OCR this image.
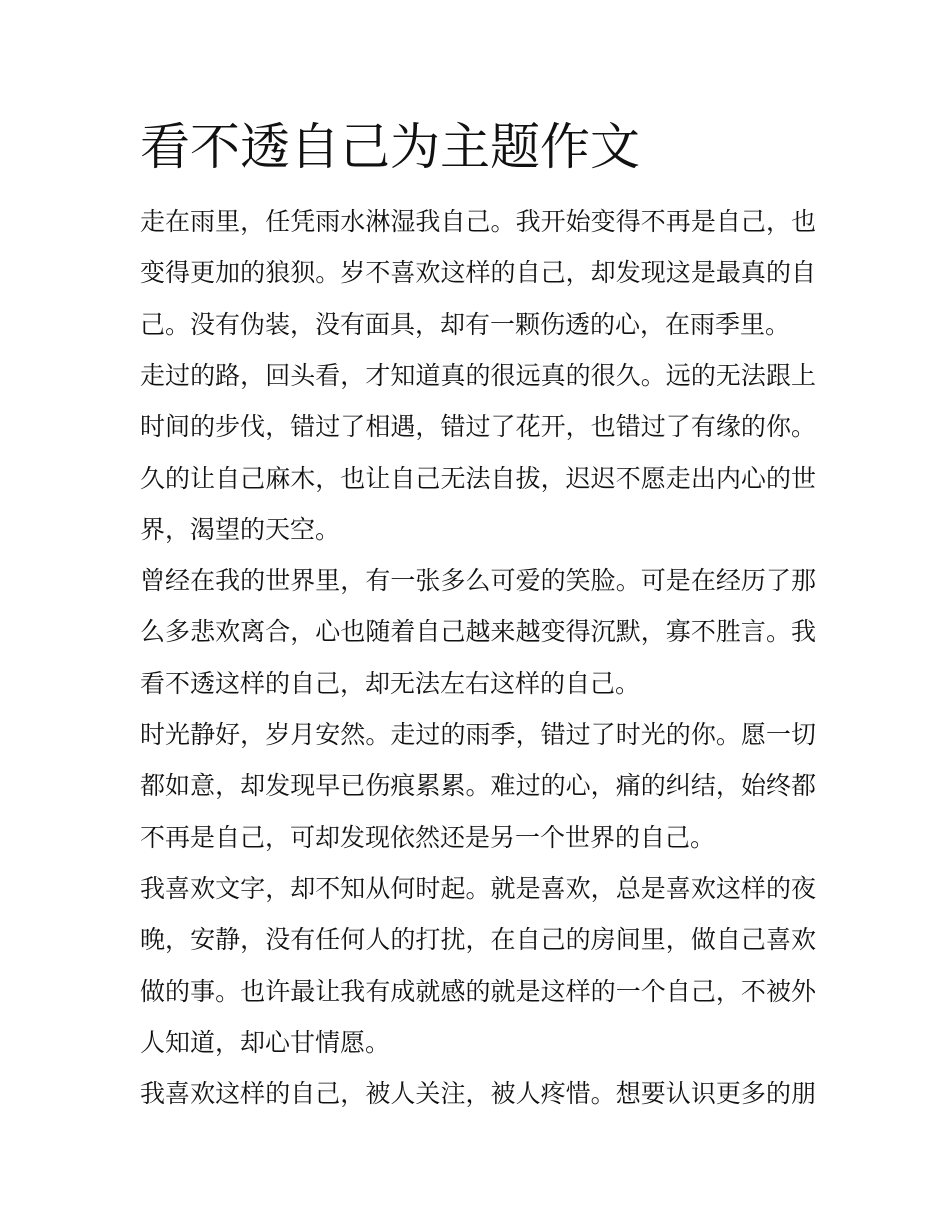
看不透自己为主题作文
走在雨里，任凭雨水淋湿我自己。我开始变得不再是自己，也
变得更加的狼狈。岁不喜欢这样的自己，却发现这是最真的自
己。没有伪装，没有面具，却有一颗伤透的心，在雨季里。
走过的路，回头看，才知道真的很远真的很久。远的无法跟上
时间的步伐，错过了相遇，错过了花开，也错过了有缘的你。
久的让自己麻木，也让自己无法自拔，迟迟不愿走出内心的世
界，渴望的天空。
曾经在我的世界里，有一张多么可爱的笑脸。可是在经历了那
么多悲欢离合，心也随着自己越来越变得沉默，寡不胜言。我
看不透这样的自己，却无法左右这样的自己。
时光静好，岁月安然。走过的雨季，错过了时光的你。愿一切
都如意，却发现早已伤痕累累。难过的心，痛的纠结，始终都
不再是自己，可却发现依然还是另一个世界的自己。
我喜欢文字，却不知从何时起。就是喜欢，总是喜欢这样的夜
晚，安静，没有任何人的打扰，在自己的房间里，做自己喜欢
做的事。也许最让我有成就感的就是这样的一个自己，不被外
人知道，却心甘情愿。
我喜欢这样的自己，被人关注，被人疼惜。想要认识更多的朋
